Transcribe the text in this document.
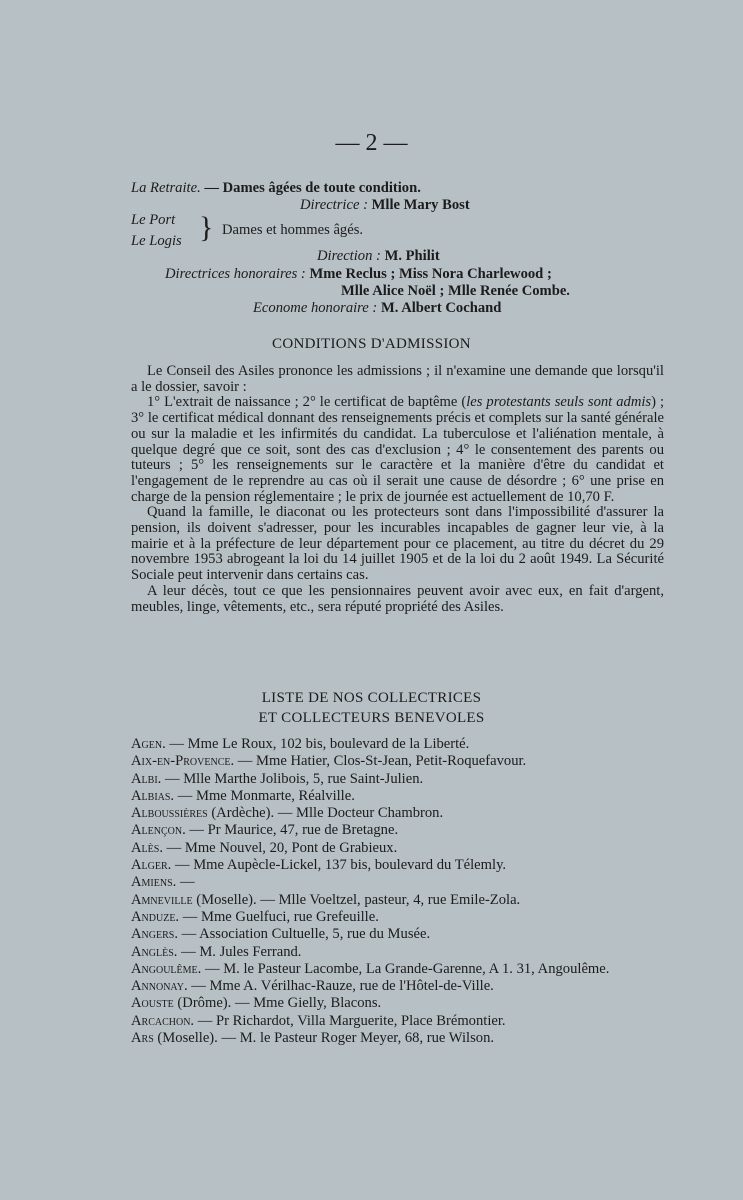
— 2 —
La Retraite. — Dames âgées de toute condition.
Directrice : Mlle Mary Bost
Le Port
Le Logis } Dames et hommes âgés.
Direction : M. Philit
Directrices honoraires : Mme Reclus ; Miss Nora Charlewood ;
Mlle Alice Noël ; Mlle Renée Combe.
Econome honoraire : M. Albert Cochand
CONDITIONS D'ADMISSION

Le Conseil des Asiles prononce les admissions ; il n'examine une demande que lorsqu'il a le dossier, savoir :

1° L'extrait de naissance ; 2° le certificat de baptême (les protestants seuls sont admis) ; 3° le certificat médical donnant des renseignements précis et complets sur la santé générale ou sur la maladie et les infirmités du candidat. La tuberculose et l'aliénation mentale, à quelque degré que ce soit, sont des cas d'exclusion ; 4° le consentement des parents ou tuteurs ; 5° les renseignements sur le caractère et la manière d'être du candidat et l'engagement de le reprendre au cas où il serait une cause de désordre ; 6° une prise en charge de la pension réglementaire ; le prix de journée est actuellement de 10,70 F.

Quand la famille, le diaconat ou les protecteurs sont dans l'impossibilité d'assurer la pension, ils doivent s'adresser, pour les incurables incapables de gagner leur vie, à la mairie et à la préfecture de leur département pour ce placement, au titre du décret du 29 novembre 1953 abrogeant la loi du 14 juillet 1905 et de la loi du 2 août 1949. La Sécurité Sociale peut intervenir dans certains cas.

A leur décès, tout ce que les pensionnaires peuvent avoir avec eux, en fait d'argent, meubles, linge, vêtements, etc., sera réputé propriété des Asiles.

LISTE DE NOS COLLECTRICES
ET COLLECTEURS BENEVOLES

Agen. — Mme Le Roux, 102 bis, boulevard de la Liberté.

Aix-en-Provence. — Mme Hatier, Clos-St-Jean, Petit-Roquefavour.

Albi. — Mlle Marthe Jolibois, 5, rue Saint-Julien.

Albias. — Mme Monmarte, Réalville.

Alboussières (Ardèche). — Mlle Docteur Chambron.

Alençon. — Pr Maurice, 47, rue de Bretagne.

Alès. — Mme Nouvel, 20, Pont de Grabieux.

Alger. — Mme Aupècle-Lickel, 137 bis, boulevard du Télemly.

Amiens. —

Amneville (Moselle). — Mlle Voeltzel, pasteur, 4, rue Emile-Zola.

Anduze. — Mme Guelfuci, rue Grefeuille.

Angers. — Association Cultuelle, 5, rue du Musée.

Anglès. — M. Jules Ferrand.

Angoulême. — M. le Pasteur Lacombe, La Grande-Garenne, A 1. 31, Angoulême.

Annonay. — Mme A. Vérilhac-Rauze, rue de l'Hôtel-de-Ville.

Aouste (Drôme). — Mme Gielly, Blacons.

Arcachon. — Pr Richardot, Villa Marguerite, Place Brémontier.

Ars (Moselle). — M. le Pasteur Roger Meyer, 68, rue Wilson.
